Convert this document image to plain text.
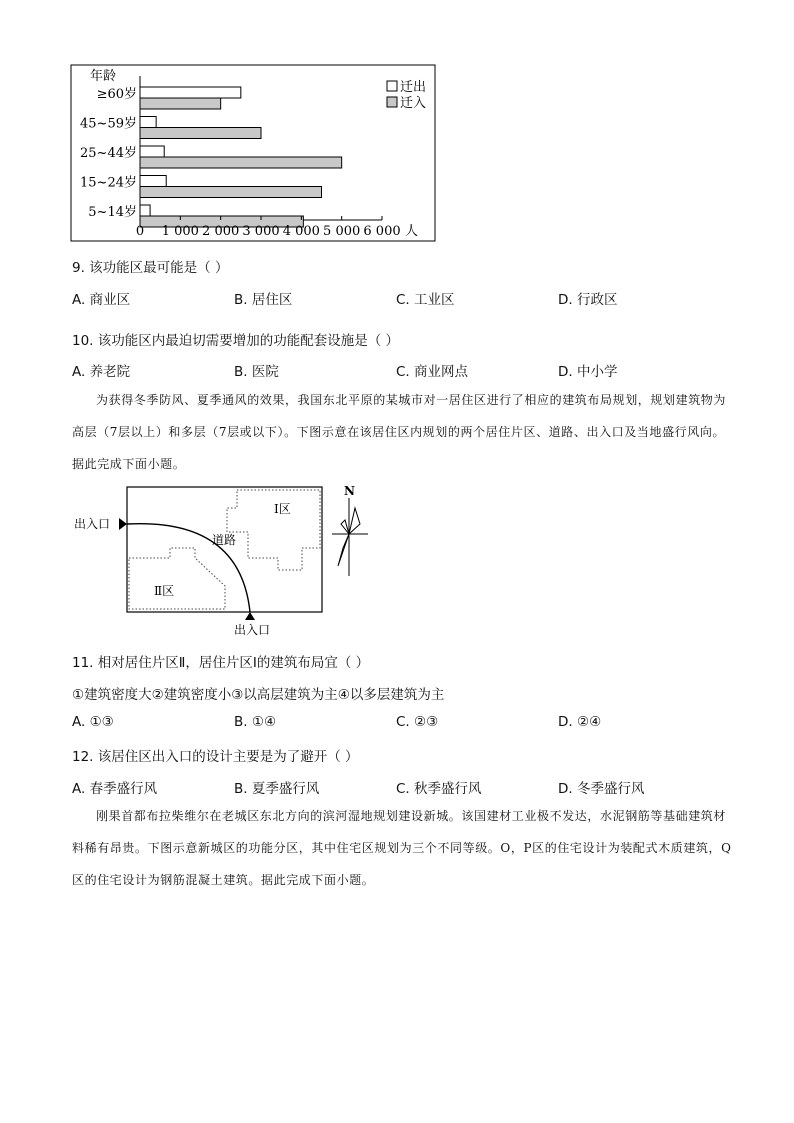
年龄
≥60岁
45~59岁
25~44岁
15~24岁
5~14岁
0 1 000 2 000 3 000 4 000 5 000 6 000 人
迁出
迁入
9. 该功能区最可能是（ ）
A. 商业区	B. 居住区	C. 工业区	D. 行政区
10. 该功能区内最迫切需要增加的功能配套设施是（ ）
A. 养老院	B. 医院	C. 商业网点	D. 中小学

为获得冬季防风、夏季通风的效果，我国东北平原的某城市对一居住区进行了相应的建筑布局规划，规划建筑物为高层（7层以上）和多层（7层或以下）。下图示意在该居住区内规划的两个居住片区、道路、出入口及当地盛行风向。据此完成下面小题。

出入口
出入口
道路
Ⅰ区
Ⅱ区
N
11. 相对居住片区Ⅱ，居住片区Ⅰ的建筑布局宜（ ）
①建筑密度大②建筑密度小③以高层建筑为主④以多层建筑为主
A. ①③	B. ①④	C. ②③	D. ②④
12. 该居住区出入口的设计主要是为了避开（ ）
A. 春季盛行风	B. 夏季盛行风	C. 秋季盛行风	D. 冬季盛行风

刚果首都布拉柴维尔在老城区东北方向的滨河湿地规划建设新城。该国建材工业极不发达，水泥钢筋等基础建筑材料稀有昂贵。下图示意新城区的功能分区，其中住宅区规划为三个不同等级。O，P区的住宅设计为装配式木质建筑，Q区的住宅设计为钢筋混凝土建筑。据此完成下面小题。
